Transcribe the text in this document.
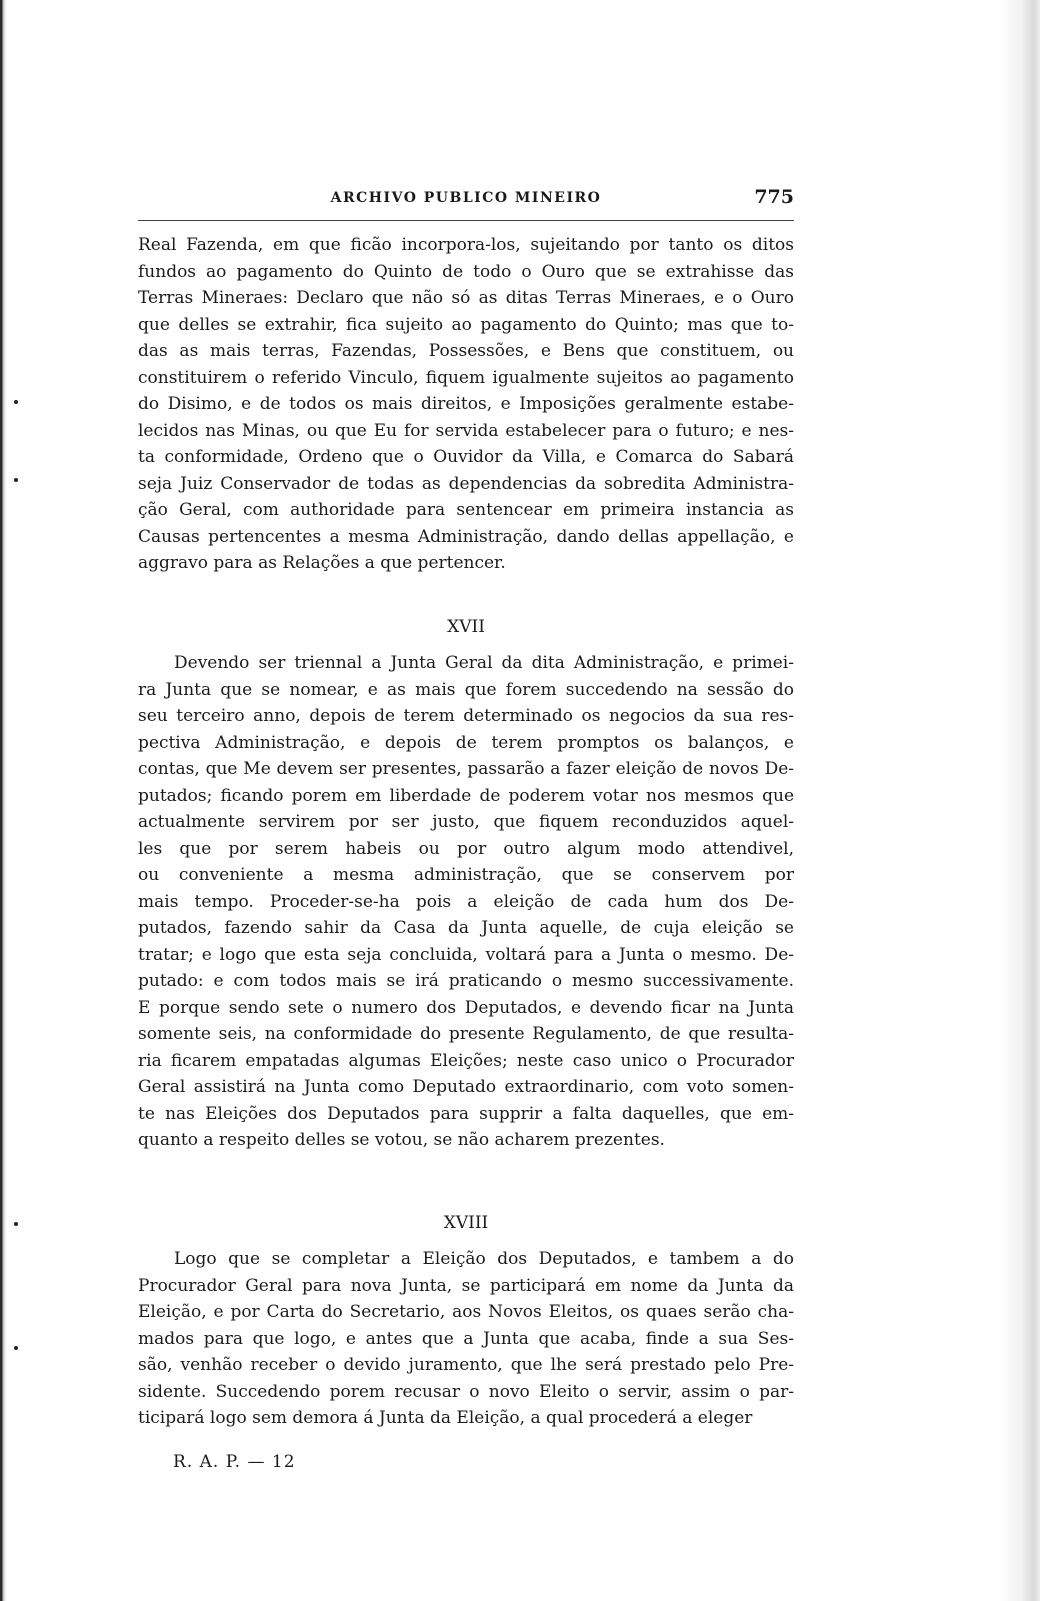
ARCHIVO PUBLICO MINEIRO	775
Real Fazenda, em que ficão incorpora-los, sujeitando por tanto os ditos
fundos ao pagamento do Quinto de todo o Ouro que se extrahisse das
Terras Mineraes: Declaro que não só as ditas Terras Mineraes, e o Ouro
que delles se extrahir, fica sujeito ao pagamento do Quinto; mas que to-
das as mais terras, Fazendas, Possessões, e Bens que constituem, ou
constituirem o referido Vinculo, fiquem igualmente sujeitos ao pagamento
do Disimo, e de todos os mais direitos, e Imposições geralmente estabe-
lecidos nas Minas, ou que Eu for servida estabelecer para o futuro; e nes-
ta conformidade, Ordeno que o Ouvidor da Villa, e Comarca do Sabará
seja Juiz Conservador de todas as dependencias da sobredita Administra-
ção Geral, com authoridade para sentencear em primeira instancia as
Causas pertencentes a mesma Administração, dando dellas appellação, e
aggravo para as Relações a que pertencer.
XVII
Devendo ser triennal a Junta Geral da dita Administração, e primei-
ra Junta que se nomear, e as mais que forem succedendo na sessão do
seu terceiro anno, depois de terem determinado os negocios da sua res-
pectiva Administração, e depois de terem promptos os balanços, e
contas, que Me devem ser presentes, passarão a fazer eleição de novos De-
putados; ficando porem em liberdade de poderem votar nos mesmos que
actualmente servirem por ser justo, que fiquem reconduzidos aquel-
les que por serem habeis ou por outro algum modo attendivel,
ou conveniente a mesma administração, que se conservem por
mais tempo. Proceder-se-ha pois a eleição de cada hum dos De-
putados, fazendo sahir da Casa da Junta aquelle, de cuja eleição se
tratar; e logo que esta seja concluida, voltará para a Junta o mesmo. De-
putado: e com todos mais se irá praticando o mesmo successivamente.
E porque sendo sete o numero dos Deputados, e devendo ficar na Junta
somente seis, na conformidade do presente Regulamento, de que resulta-
ria ficarem empatadas algumas Eleições; neste caso unico o Procurador
Geral assistirá na Junta como Deputado extraordinario, com voto somen-
te nas Eleições dos Deputados para supprir a falta daquelles, que em-
quanto a respeito delles se votou, se não acharem prezentes.
XVIII
Logo que se completar a Eleição dos Deputados, e tambem a do
Procurador Geral para nova Junta, se participará em nome da Junta da
Eleição, e por Carta do Secretario, aos Novos Eleitos, os quaes serão cha-
mados para que logo, e antes que a Junta que acaba, finde a sua Ses-
são, venhão receber o devido juramento, que lhe será prestado pelo Pre-
sidente. Succedendo porem recusar o novo Eleito o servir, assim o par-
ticipará logo sem demora á Junta da Eleição, a qual procederá a eleger
R. A. P. — 12
